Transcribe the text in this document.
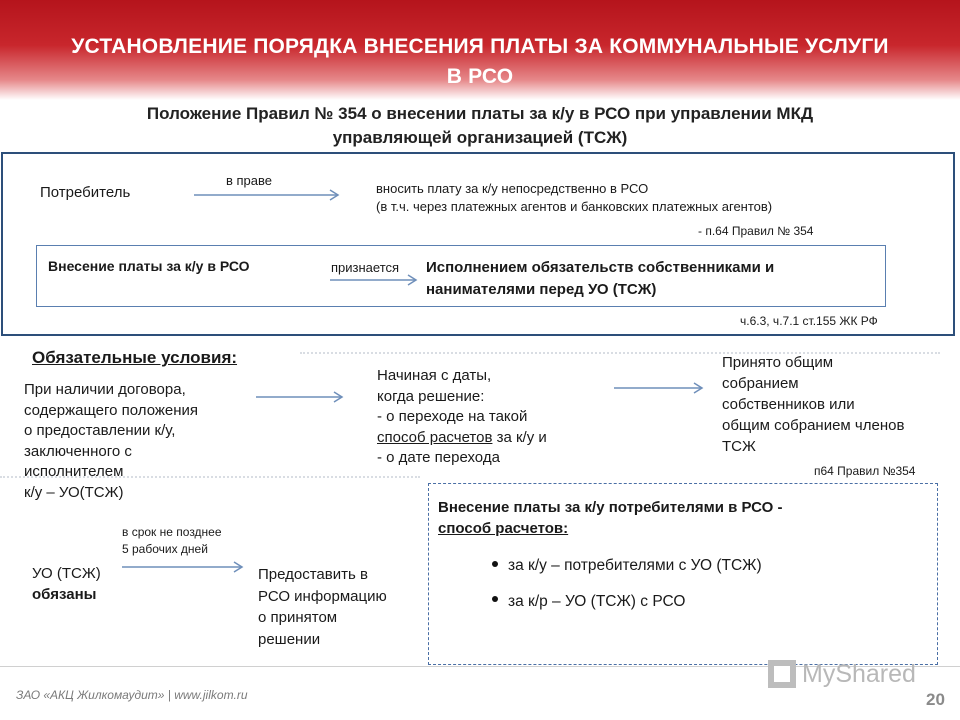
УСТАНОВЛЕНИЕ ПОРЯДКА ВНЕСЕНИЯ ПЛАТЫ ЗА КОММУНАЛЬНЫЕ УСЛУГИ
В РСО
Положение Правил № 354 о внесении платы за к/у в РСО при управлении МКД
управляющей организацией (ТСЖ)

Потребитель

в праве

вносить плату за к/у непосредственно в РСО
(в т.ч. через платежных агентов и банковских платежных агентов)

- п.64 Правил № 354

Внесение платы за к/у в РСО	признается Исполнением обязательств собственниками и
нанимателями перед УО (ТСЖ)

ч.6.3, ч.7.1 ст.155 ЖК РФ

Обязательные условия:

При наличии договора,
содержащего положения
о предоставлении к/у,
заключенного с
исполнителем
к/у – УО(ТСЖ)
Начиная с даты,
когда решение:
- о переходе на такой
способ расчетов за к/у и
- о дате перехода
Принято общим
собранием
собственников или
общим собранием членов
ТСЖ

п64 Правил №354

в срок не позднее
5 рабочих дней

УО (ТСЖ)
обязаны

Предоставить в
РСО информацию
о принятом
решении

Внесение платы за к/у потребителями в РСО -
способ расчетов:

за к/у – потребителями с УО (ТСЖ)

за к/р – УО (ТСЖ) с РСО

ЗАО «АКЦ Жилкомаудит» | www.jilkom.ru

MyShared

20
